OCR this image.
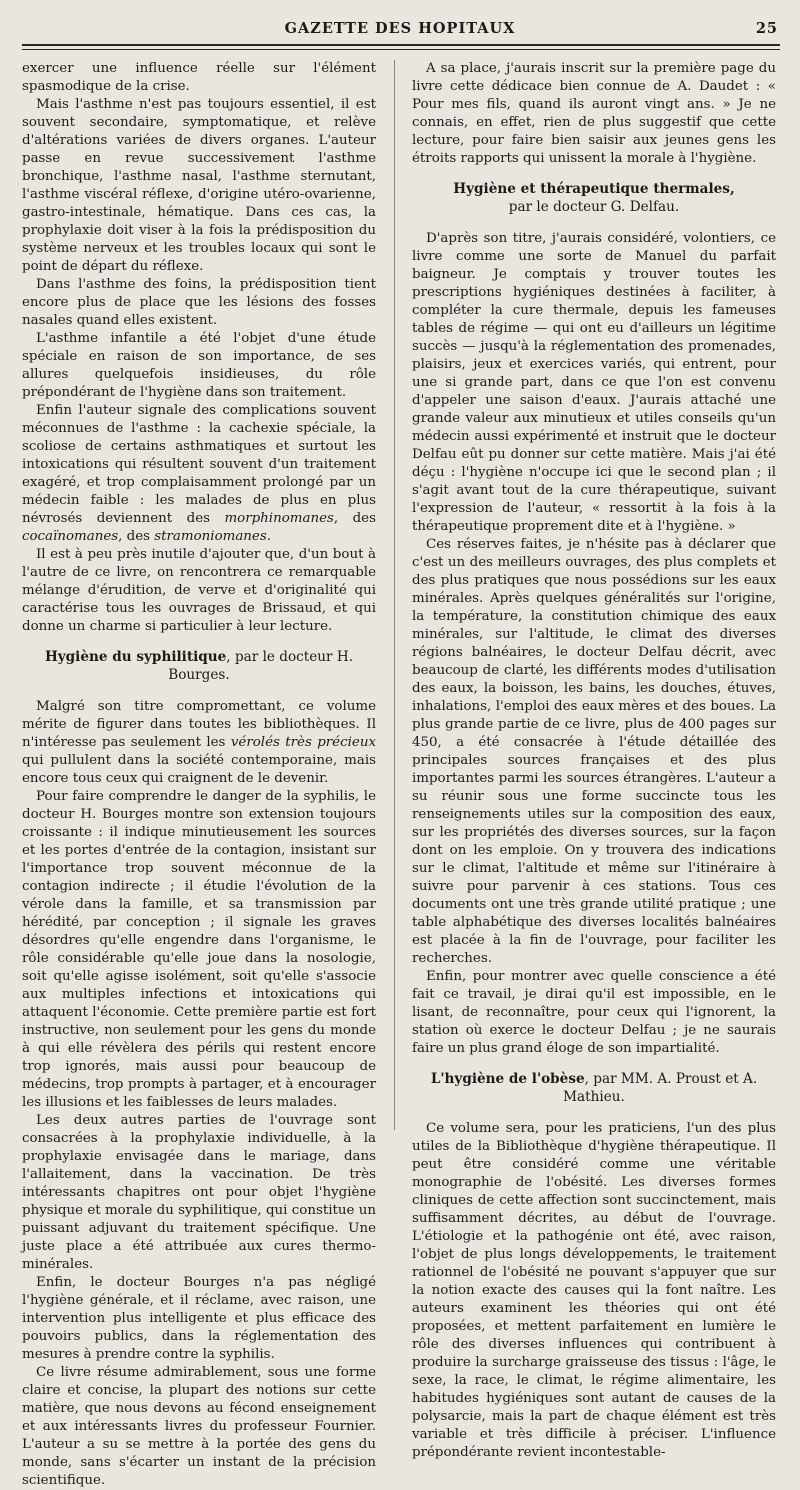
GAZETTE DES HOPITAUX	25

exercer une influence réelle sur l'élément spasmodique de la crise.

Mais l'asthme n'est pas toujours essentiel, il est souvent secondaire, symptomatique, et relève d'altérations variées de divers organes. L'auteur passe en revue successivement l'asthme bronchique, l'asthme nasal, l'asthme sternutant, l'asthme viscéral réflexe, d'origine utéro-ovarienne, gastro-intestinale, hématique. Dans ces cas, la prophylaxie doit viser à la fois la prédisposition du système nerveux et les troubles locaux qui sont le point de départ du réflexe.

Dans l'asthme des foins, la prédisposition tient encore plus de place que les lésions des fosses nasales quand elles existent.

L'asthme infantile a été l'objet d'une étude spéciale en raison de son importance, de ses allures quelquefois insidieuses, du rôle prépondérant de l'hygiène dans son traitement.

Enfin l'auteur signale des complications souvent méconnues de l'asthme : la cachexie spéciale, la scoliose de certains asthmatiques et surtout les intoxications qui résultent souvent d'un traitement exagéré, et trop complaisamment prolongé par un médecin faible : les malades de plus en plus névrosés deviennent des morphinomanes, des cocaïnomanes, des stramoniomanes.

Il est à peu près inutile d'ajouter que, d'un bout à l'autre de ce livre, on rencontrera ce remarquable mélange d'érudition, de verve et d'originalité qui caractérise tous les ouvrages de Brissaud, et qui donne un charme si particulier à leur lecture.

Hygiène du syphilitique, par le docteur H. Bourges.

Malgré son titre compromettant, ce volume mérite de figurer dans toutes les bibliothèques. Il n'intéresse pas seulement les vérolés très précieux qui pullulent dans la société contemporaine, mais encore tous ceux qui craignent de le devenir.

Pour faire comprendre le danger de la syphilis, le docteur H. Bourges montre son extension toujours croissante : il indique minutieusement les sources et les portes d'entrée de la contagion, insistant sur l'importance trop souvent méconnue de la contagion indirecte ; il étudie l'évolution de la vérole dans la famille, et sa transmission par hérédité, par conception ; il signale les graves désordres qu'elle engendre dans l'organisme, le rôle considérable qu'elle joue dans la nosologie, soit qu'elle agisse isolément, soit qu'elle s'associe aux multiples infections et intoxications qui attaquent l'économie. Cette première partie est fort instructive, non seulement pour les gens du monde à qui elle révèlera des périls qui restent encore trop ignorés, mais aussi pour beaucoup de médecins, trop prompts à partager, et à encourager les illusions et les faiblesses de leurs malades.

Les deux autres parties de l'ouvrage sont consacrées à la prophylaxie individuelle, à la prophylaxie envisagée dans le mariage, dans l'allaitement, dans la vaccination. De très intéressants chapitres ont pour objet l'hygiène physique et morale du syphilitique, qui constitue un puissant adjuvant du traitement spécifique. Une juste place a été attribuée aux cures thermo-minérales.

Enfin, le docteur Bourges n'a pas négligé l'hygiène générale, et il réclame, avec raison, une intervention plus intelligente et plus efficace des pouvoirs publics, dans la réglementation des mesures à prendre contre la syphilis.

Ce livre résume admirablement, sous une forme claire et concise, la plupart des notions sur cette matière, que nous devons au fécond enseignement et aux intéressants livres du professeur Fournier. L'auteur a su se mettre à la portée des gens du monde, sans s'écarter un instant de la précision scientifique.

A sa place, j'aurais inscrit sur la première page du livre cette dédicace bien connue de A. Daudet : « Pour mes fils, quand ils auront vingt ans. » Je ne connais, en effet, rien de plus suggestif que cette lecture, pour faire bien saisir aux jeunes gens les étroits rapports qui unissent la morale à l'hygiène.

Hygiène et thérapeutique thermales,
par le docteur G. Delfau.

D'après son titre, j'aurais considéré, volontiers, ce livre comme une sorte de Manuel du parfait baigneur. Je comptais y trouver toutes les prescriptions hygiéniques destinées à faciliter, à compléter la cure thermale, depuis les fameuses tables de régime — qui ont eu d'ailleurs un légitime succès — jusqu'à la réglementation des promenades, plaisirs, jeux et exercices variés, qui entrent, pour une si grande part, dans ce que l'on est convenu d'appeler une saison d'eaux. J'aurais attaché une grande valeur aux minutieux et utiles conseils qu'un médecin aussi expérimenté et instruit que le docteur Delfau eût pu donner sur cette matière. Mais j'ai été déçu : l'hygiène n'occupe ici que le second plan ; il s'agit avant tout de la cure thérapeutique, suivant l'expression de l'auteur, « ressortit à la fois à la thérapeutique proprement dite et à l'hygiène. »

Ces réserves faites, je n'hésite pas à déclarer que c'est un des meilleurs ouvrages, des plus complets et des plus pratiques que nous possédions sur les eaux minérales. Après quelques généralités sur l'origine, la température, la constitution chimique des eaux minérales, sur l'altitude, le climat des diverses régions balnéaires, le docteur Delfau décrit, avec beaucoup de clarté, les différents modes d'utilisation des eaux, la boisson, les bains, les douches, étuves, inhalations, l'emploi des eaux mères et des boues. La plus grande partie de ce livre, plus de 400 pages sur 450, a été consacrée à l'étude détaillée des principales sources françaises et des plus importantes parmi les sources étrangères. L'auteur a su réunir sous une forme succincte tous les renseignements utiles sur la composition des eaux, sur les propriétés des diverses sources, sur la façon dont on les emploie. On y trouvera des indications sur le climat, l'altitude et même sur l'itinéraire à suivre pour parvenir à ces stations. Tous ces documents ont une très grande utilité pratique ; une table alphabétique des diverses localités balnéaires est placée à la fin de l'ouvrage, pour faciliter les recherches.

Enfin, pour montrer avec quelle conscience a été fait ce travail, je dirai qu'il est impossible, en le lisant, de reconnaître, pour ceux qui l'ignorent, la station où exerce le docteur Delfau ; je ne saurais faire un plus grand éloge de son impartialité.

L'hygiène de l'obèse, par MM. A. Proust et A. Mathieu.

Ce volume sera, pour les praticiens, l'un des plus utiles de la Bibliothèque d'hygiène thérapeutique. Il peut être considéré comme une véritable monographie de l'obésité. Les diverses formes cliniques de cette affection sont succinctement, mais suffisamment décrites, au début de l'ouvrage. L'étiologie et la pathogénie ont été, avec raison, l'objet de plus longs développements, le traitement rationnel de l'obésité ne pouvant s'appuyer que sur la notion exacte des causes qui la font naître. Les auteurs examinent les théories qui ont été proposées, et mettent parfaitement en lumière le rôle des diverses influences qui contribuent à produire la surcharge graisseuse des tissus : l'âge, le sexe, la race, le climat, le régime alimentaire, les habitudes hygiéniques sont autant de causes de la polysarcie, mais la part de chaque élément est très variable et très difficile à préciser. L'influence prépondérante revient incontestable-
